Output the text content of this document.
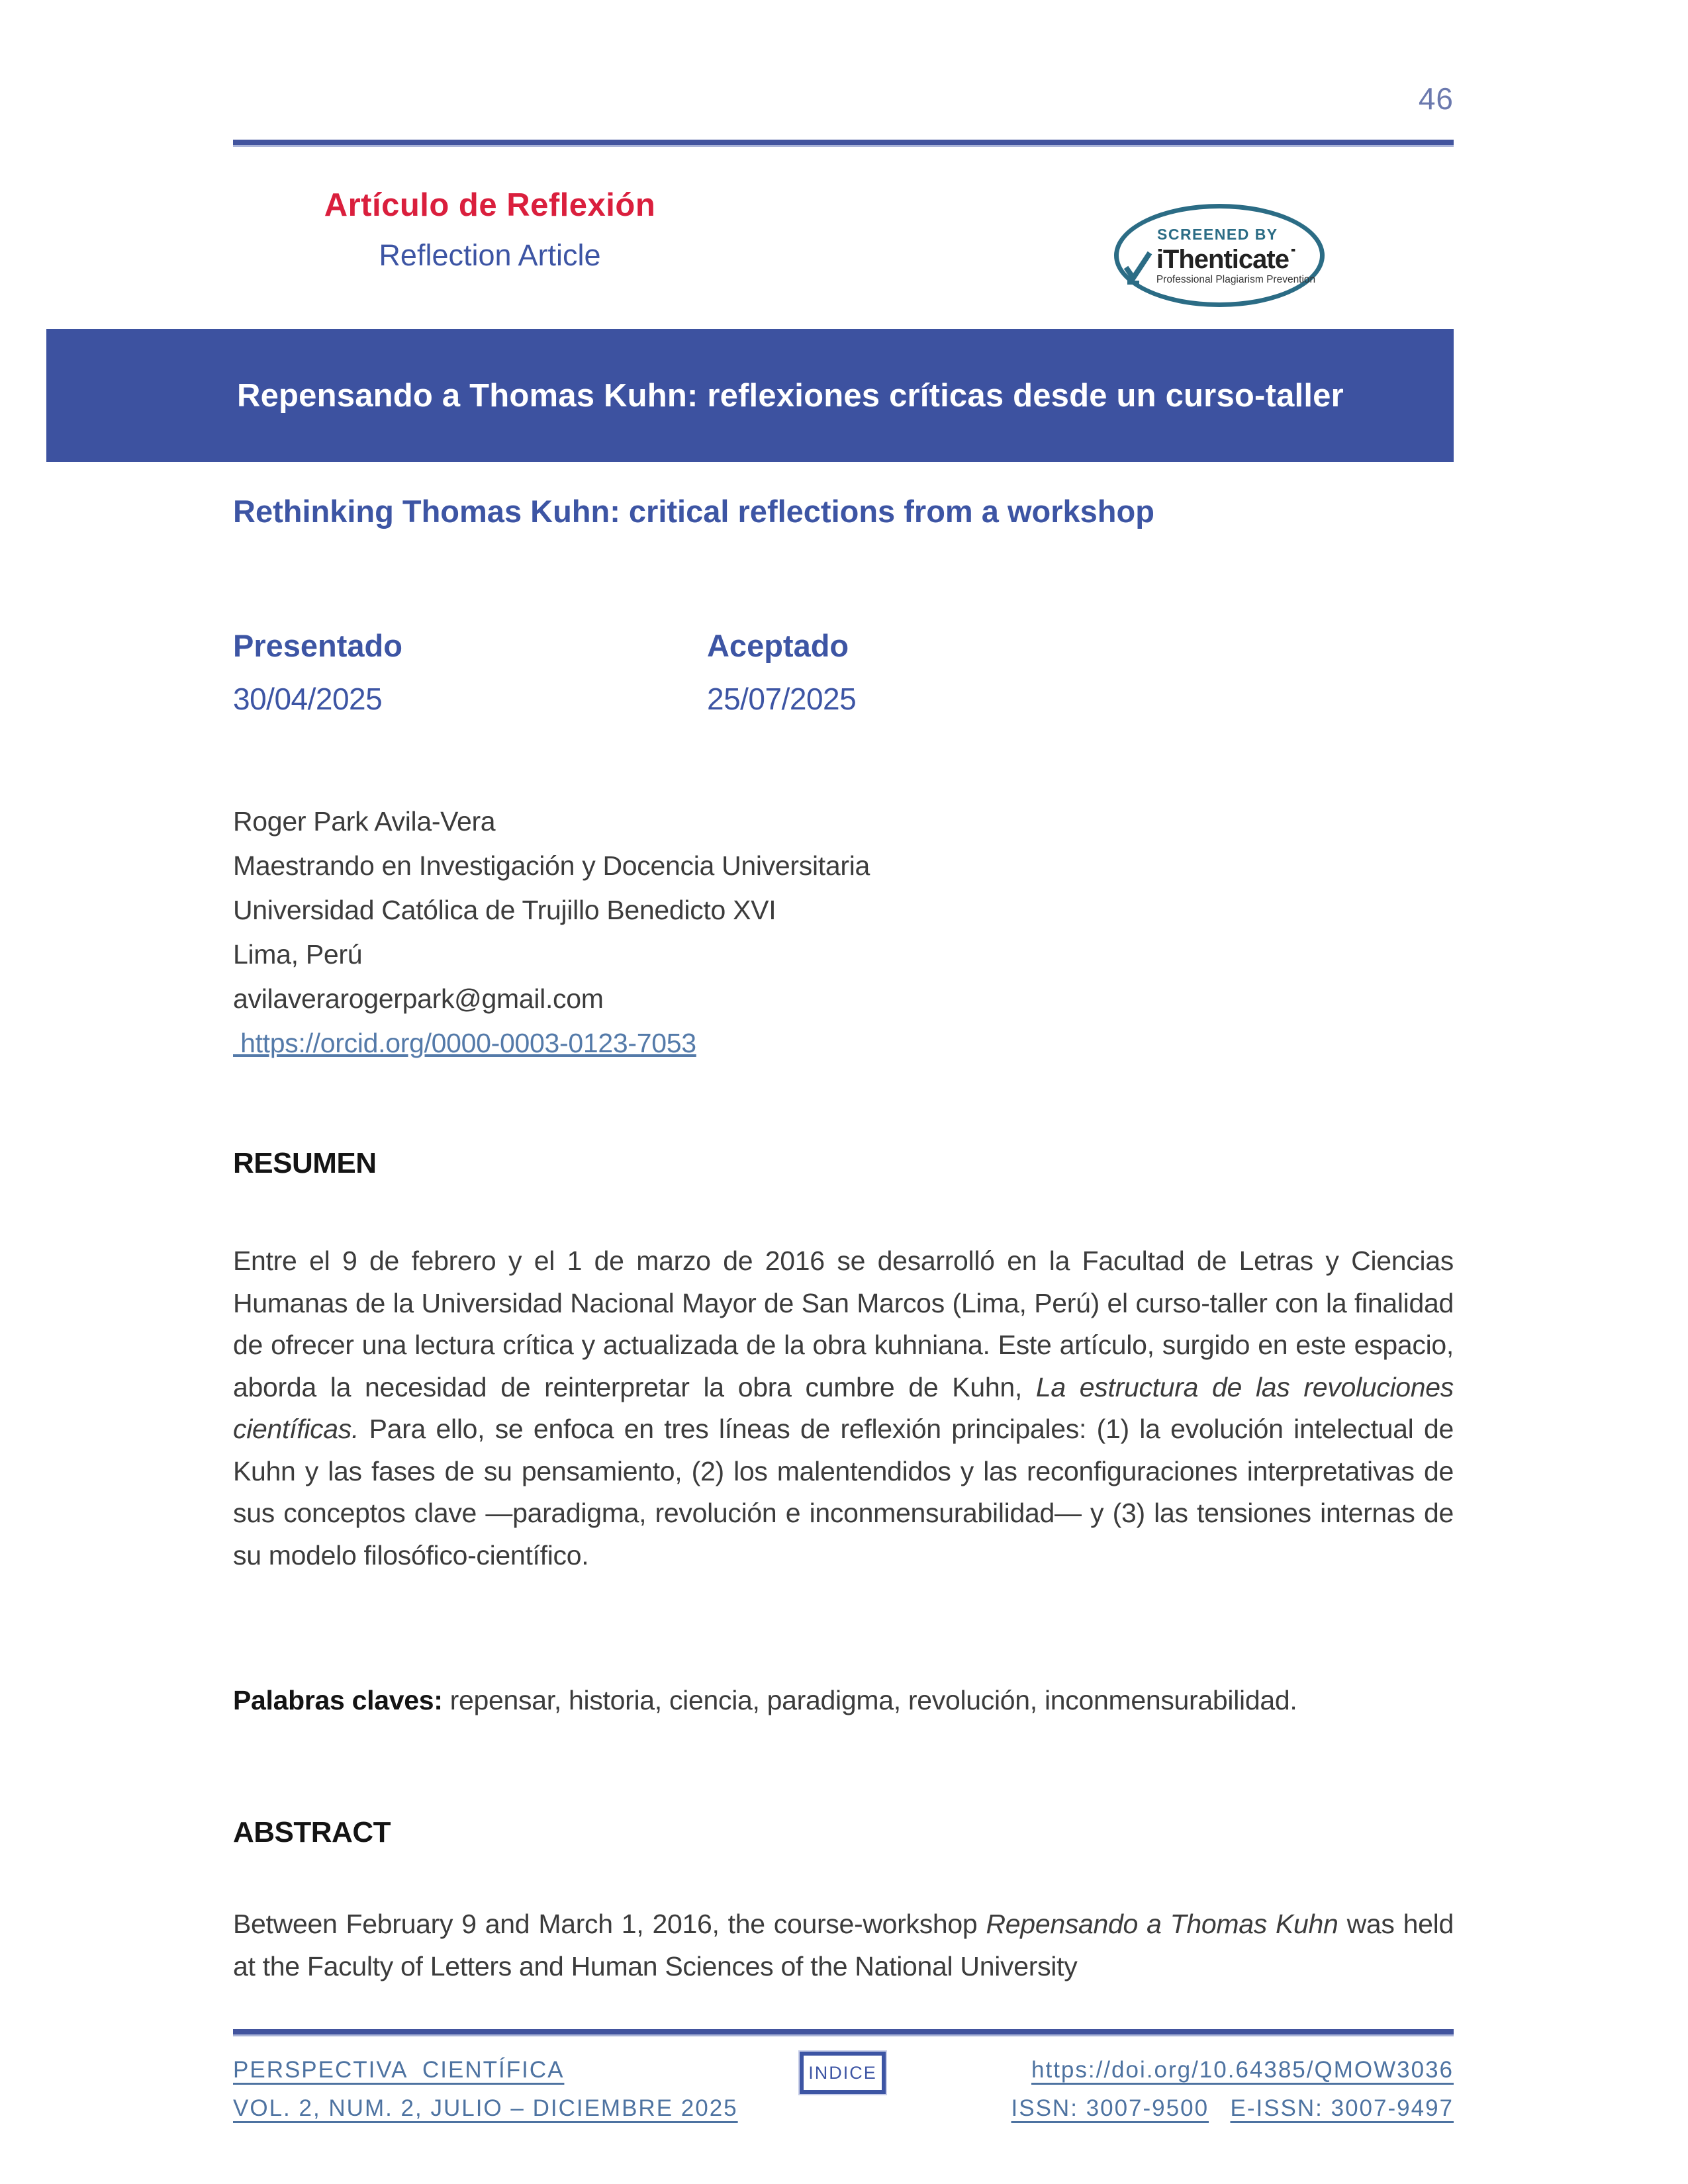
46
Artículo de Reflexión
Reflection Article
SCREENED BY
iThenticate˙
Professional Plagiarism Prevention
Repensando a Thomas Kuhn: reflexiones críticas desde un curso-taller
Rethinking Thomas Kuhn: critical reflections from a workshop
Presentado
30/04/2025
Aceptado
25/07/2025
Roger Park Avila-Vera
Maestrando en Investigación y Docencia Universitaria
Universidad Católica de Trujillo Benedicto XVI
Lima, Perú
avilaverarogerpark@gmail.com
https://orcid.org/0000-0003-0123-7053
RESUMEN
Entre el 9 de febrero y el 1 de marzo de 2016 se desarrolló en la Facultad de Letras y Ciencias Humanas de la Universidad Nacional Mayor de San Marcos (Lima, Perú) el curso-taller con la finalidad de ofrecer una lectura crítica y actualizada de la obra kuhniana. Este artículo, surgido en este espacio, aborda la necesidad de reinterpretar la obra cumbre de Kuhn, La estructura de las revoluciones científicas. Para ello, se enfoca en tres líneas de reflexión principales: (1) la evolución intelectual de Kuhn y las fases de su pensamiento, (2) los malentendidos y las reconfiguraciones interpretativas de sus conceptos clave —paradigma, revolución e inconmensurabilidad— y (3) las tensiones internas de su modelo filosófico-científico.
Palabras claves: repensar, historia, ciencia, paradigma, revolución, inconmensurabilidad.
ABSTRACT
Between February 9 and March 1, 2016, the course-workshop Repensando a Thomas Kuhn was held at the Faculty of Letters and Human Sciences of the National University
PERSPECTIVA  CIENTÍFICA
VOL. 2, NUM. 2, JULIO – DICIEMBRE 2025
INDICE	https://doi.org/10.64385/QMOW3036
ISSN: 3007-9500 E-ISSN: 3007-9497
